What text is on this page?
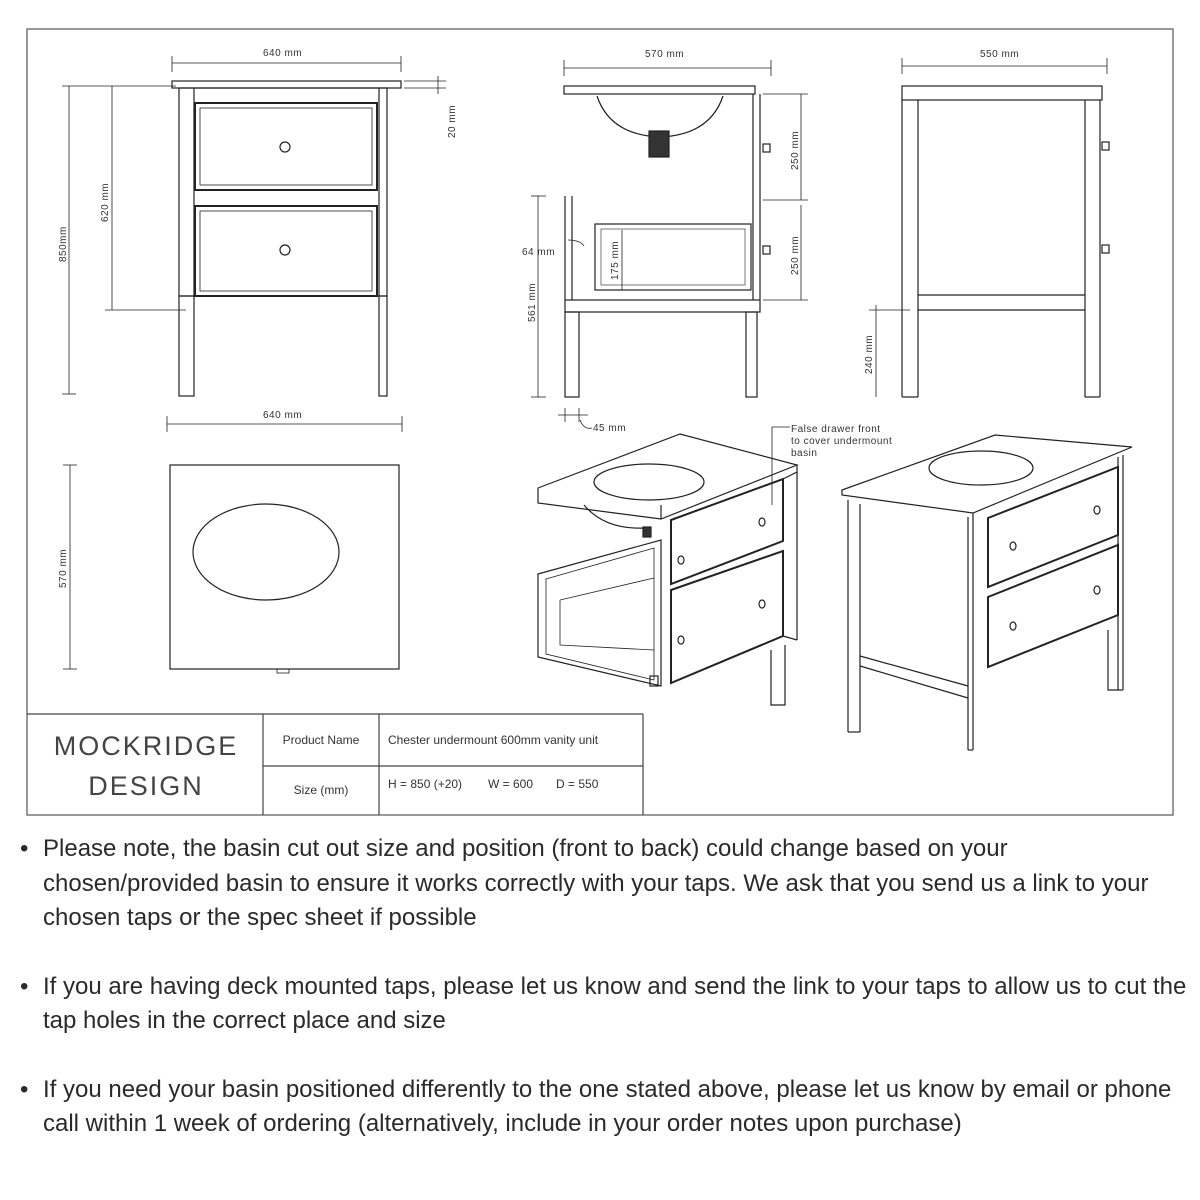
640 mm
20 mm
850mm
620 mm
570 mm
250 mm
250 mm
64 mm	175 mm
561 mm
45 mm
550 mm
240 mm
640 mm
570 mm
False drawer front
to cover undermount
basin
MOCKRIDGE
DESIGN
Product Name Chester undermount 600mm vanity unit
Size (mm)	H = 850 (+20) W = 600 D = 550
• Please note, the basin cut out size and position (front to back) could change based on your chosen/provided basin to ensure it works correctly with your taps. We ask that you send us a link to your chosen taps or the spec sheet if possible
• If you are having deck mounted taps, please let us know and send the link to your taps to allow us to cut the tap holes in the correct place and size
• If you need your basin positioned differently to the one stated above, please let us know by email or phone call within 1 week of ordering (alternatively, include in your order notes upon purchase)
